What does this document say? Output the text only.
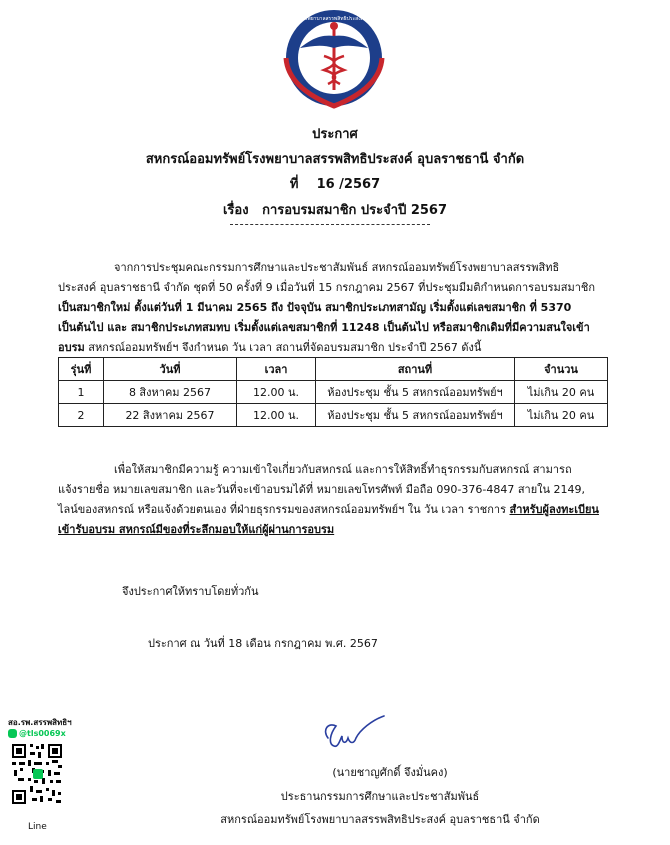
สหกรณ์ออมทรัพย์โรงพยาบาลสรรพสิทธิประสงค์ อุบลราชธานี จำกัด
ประกาศ
สหกรณ์ออมทรัพย์โรงพยาบาลสรรพสิทธิประสงค์ อุบลราชธานี จำกัด
ที่ 16 /2567
เรื่อง การอบรมสมาชิก ประจำปี 2567
จากการประชุมคณะกรรมการศึกษาและประชาสัมพันธ์ สหกรณ์ออมทรัพย์โรงพยาบาลสรรพสิทธิ
ประสงค์ อุบลราชธานี จำกัด ชุดที่ 50 ครั้งที่ 9 เมื่อวันที่ 15 กรกฎาคม 2567 ที่ประชุมมีมติกำหนดการอบรมสมาชิก
เป็นสมาชิกใหม่ ตั้งแต่วันที่ 1 มีนาคม 2565 ถึง ปัจจุบัน สมาชิกประเภทสามัญ เริ่มตั้งแต่เลขสมาชิก ที่ 5370
เป็นต้นไป และ สมาชิกประเภทสมทบ เริ่มตั้งแต่เลขสมาชิกที่ 11248 เป็นต้นไป หรือสมาชิกเดิมที่มีความสนใจเข้า
อบรม สหกรณ์ออมทรัพย์ฯ จึงกำหนด วัน เวลา สถานที่จัดอบรมสมาชิก ประจำปี 2567 ดังนี้
รุ่นที่	วันที่	เวลา	สถานที่	จำนวน
1	8 สิงหาคม 2567	12.00 น.	ห้องประชุม ชั้น 5 สหกรณ์ออมทรัพย์ฯ	ไม่เกิน 20 คน
2	22 สิงหาคม 2567	12.00 น.	ห้องประชุม ชั้น 5 สหกรณ์ออมทรัพย์ฯ	ไม่เกิน 20 คน
เพื่อให้สมาชิกมีความรู้ ความเข้าใจเกี่ยวกับสหกรณ์ และการให้สิทธิ์ทำธุรกรรมกับสหกรณ์ สามารถ
แจ้งรายชื่อ หมายเลขสมาชิก และวันที่จะเข้าอบรมได้ที่ หมายเลขโทรศัพท์ มือถือ 090-376-4847 สายใน 2149,
ไลน์ของสหกรณ์ หรือแจ้งด้วยตนเอง ที่ฝ่ายธุรกรรมของสหกรณ์ออมทรัพย์ฯ ใน วัน เวลา ราชการ สำหรับผู้ลงทะเบียน
เข้ารับอบรม สหกรณ์มีของที่ระลึกมอบให้แก่ผู้ผ่านการอบรม
จึงประกาศให้ทราบโดยทั่วกัน
ประกาศ ณ วันที่ 18 เดือน กรกฎาคม พ.ศ. 2567
(นายชาญศักดิ์ จึงมั่นคง)
ประธานกรรมการศึกษาและประชาสัมพันธ์
สหกรณ์ออมทรัพย์โรงพยาบาลสรรพสิทธิประสงค์ อุบลราชธานี จำกัด
สอ.รพ.สรรพสิทธิฯ
@tls0069x
Line
